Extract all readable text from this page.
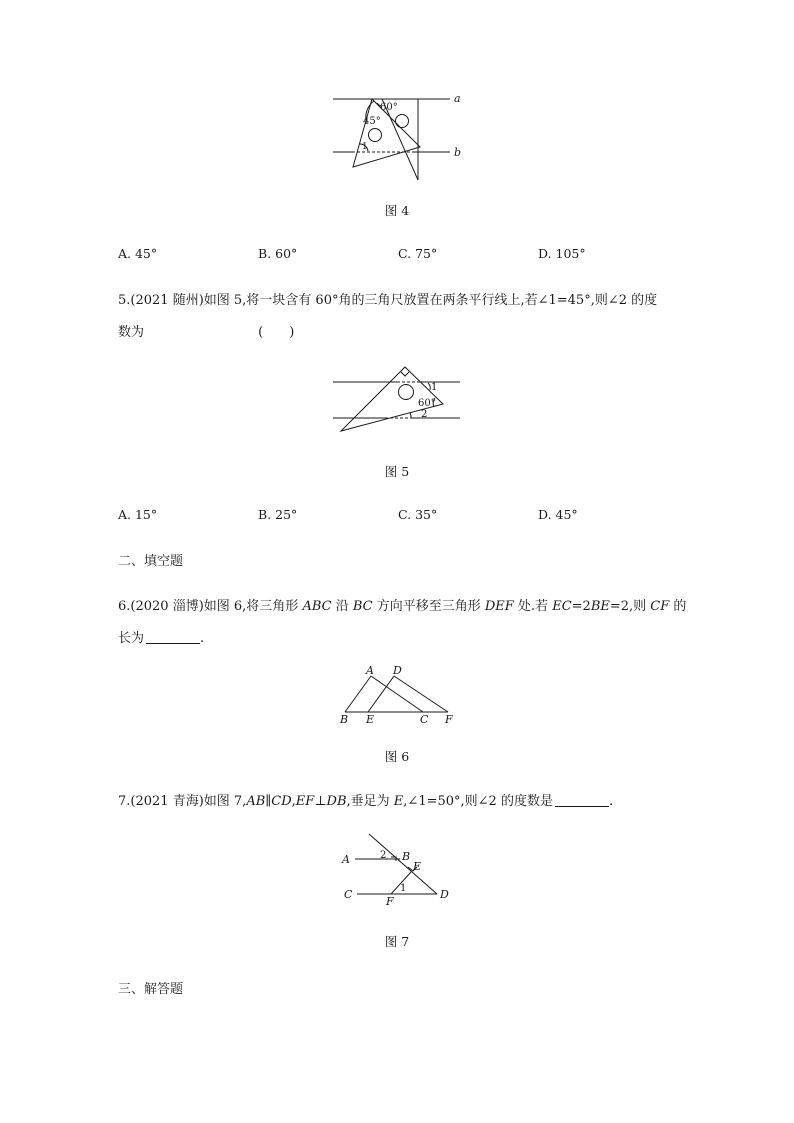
a
b
60°
45°
1
图 4
A. 45°	B. 60°	C. 75°	D. 105°
5.(2021 随州)如图 5,将一块含有 60°角的三角尺放置在两条平行线上,若∠1=45°,则∠2 的度
数为	(　　)
1
60°
2
图 5
A. 15°	B. 25°	C. 35°	D. 45°
二、填空题
6.(2020 淄博)如图 6,将三角形 ABC 沿 BC 方向平移至三角形 DEF 处.若 EC=2BE=2,则 CF 的
长为	.
A D
B E	C F
图 6
7.(2021 青海)如图 7,AB∥CD,EF⊥DB,垂足为 E,∠1=50°,则∠2 的度数是	.
A	B
E
C
F
D
2
1
图 7
三、解答题
